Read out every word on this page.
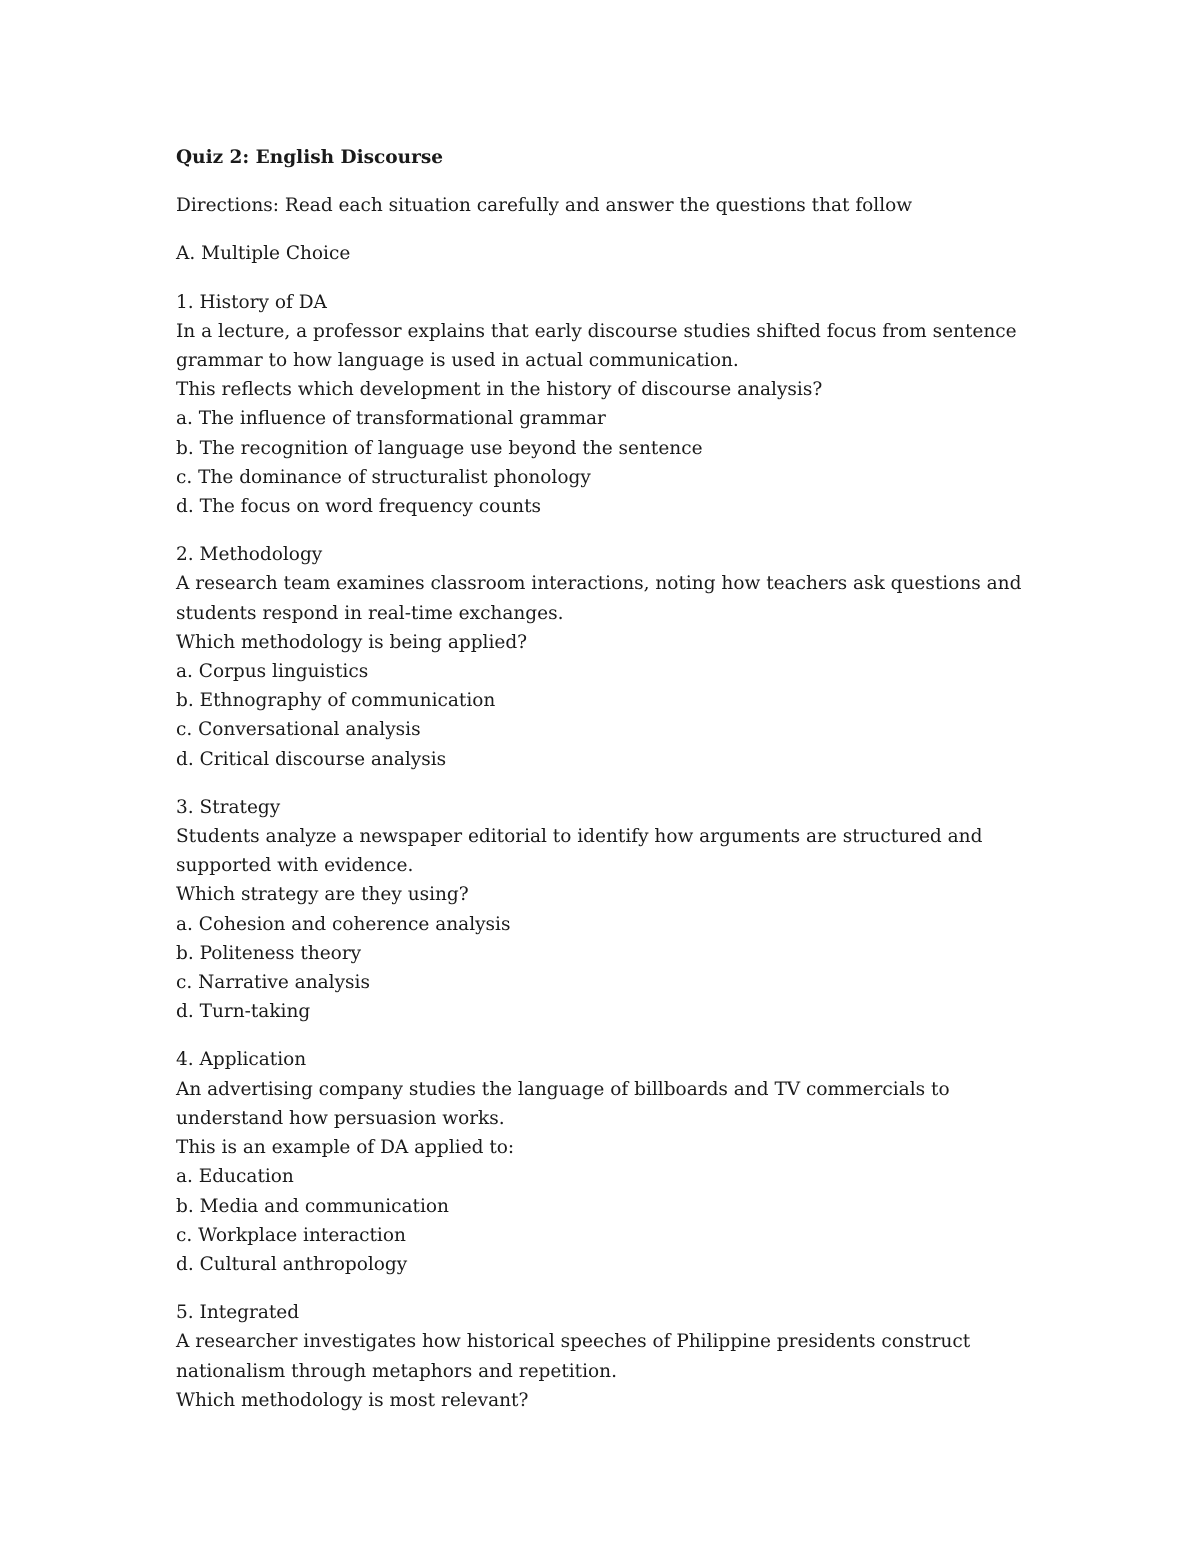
Quiz 2: English Discourse

Directions: Read each situation carefully and answer the questions that follow

A. Multiple Choice

1. History of DA
In a lecture, a professor explains that early discourse studies shifted focus from sentence
grammar to how language is used in actual communication.
This reflects which development in the history of discourse analysis?
a. The influence of transformational grammar
b. The recognition of language use beyond the sentence
c. The dominance of structuralist phonology
d. The focus on word frequency counts
2. Methodology
A research team examines classroom interactions, noting how teachers ask questions and
students respond in real-time exchanges.
Which methodology is being applied?
a. Corpus linguistics
b. Ethnography of communication
c. Conversational analysis
d. Critical discourse analysis
3. Strategy
Students analyze a newspaper editorial to identify how arguments are structured and
supported with evidence.
Which strategy are they using?
a. Cohesion and coherence analysis
b. Politeness theory
c. Narrative analysis
d. Turn-taking
4. Application
An advertising company studies the language of billboards and TV commercials to
understand how persuasion works.
This is an example of DA applied to:
a. Education
b. Media and communication
c. Workplace interaction
d. Cultural anthropology
5. Integrated
A researcher investigates how historical speeches of Philippine presidents construct
nationalism through metaphors and repetition.
Which methodology is most relevant?
